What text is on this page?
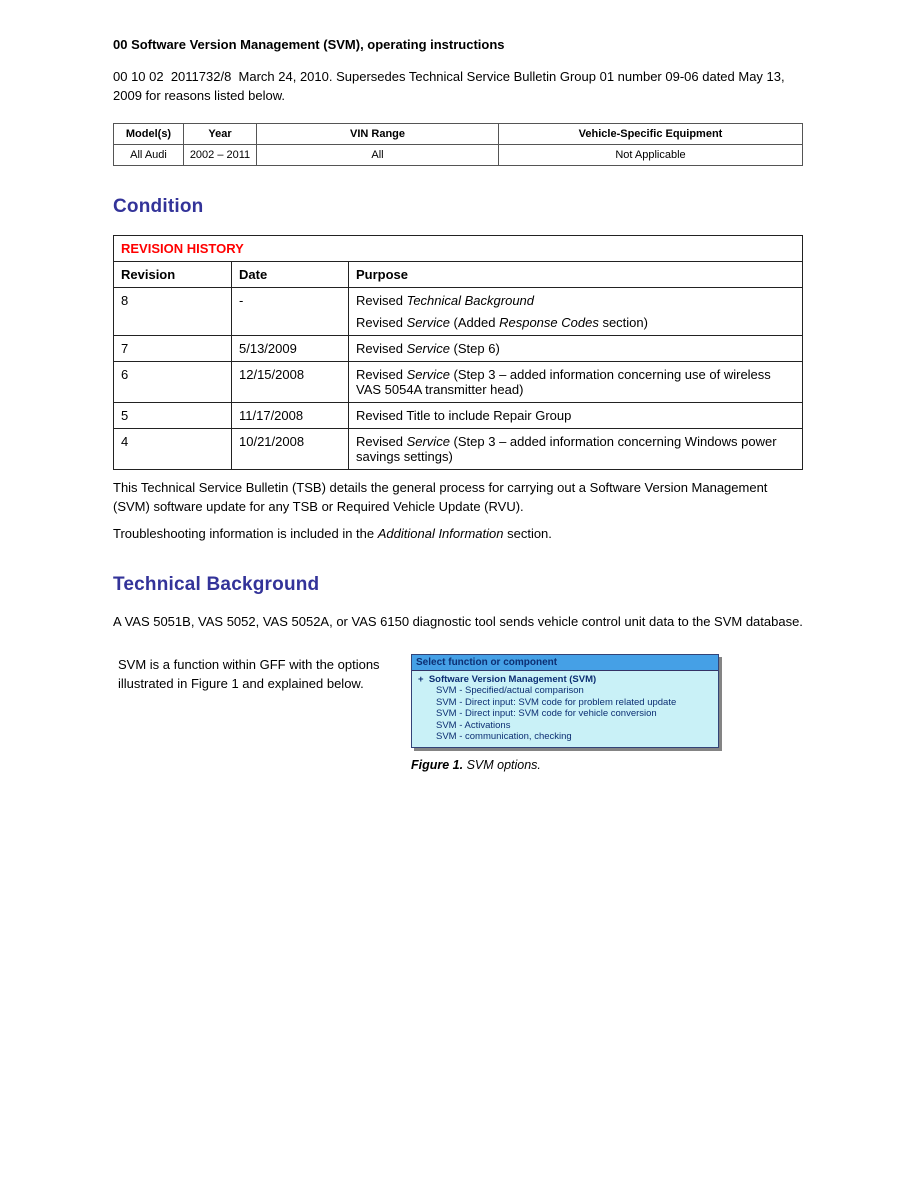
00 Software Version Management (SVM), operating instructions

00 10 02  2011732/8  March 24, 2010. Supersedes Technical Service Bulletin Group 01 number 09-06 dated May 13, 2009 for reasons listed below.

Model(s)	Year	VIN Range	Vehicle-Specific Equipment
All Audi	2002 – 2011	All	Not Applicable
Condition
REVISION HISTORY		
Revision	Date	Purpose
8	-	Revised Technical Background
Revised Service (Added Response Codes section)

7	5/13/2009	Revised Service (Step 6)

6	12/15/2008	Revised Service (Step 3 – added information concerning use of wireless VAS 5054A transmitter head)

5	11/17/2008	Revised Title to include Repair Group

4	10/21/2008	Revised Service (Step 3 – added information concerning Windows power savings settings)

This Technical Service Bulletin (TSB) details the general process for carrying out a Software Version Management (SVM) software update for any TSB or Required Vehicle Update (RVU).

Troubleshooting information is included in the Additional Information section.

Technical Background

A VAS 5051B, VAS 5052, VAS 5052A, or VAS 6150 diagnostic tool sends vehicle control unit data to the SVM database.

SVM is a function within GFF with the options illustrated in Figure 1 and explained below.

Select function or component
+  Software Version Management (SVM)
SVM - Specified/actual comparison
SVM - Direct input: SVM code for problem related update
SVM - Direct input: SVM code for vehicle conversion
SVM - Activations
SVM - communication, checking

Figure 1. SVM options.
